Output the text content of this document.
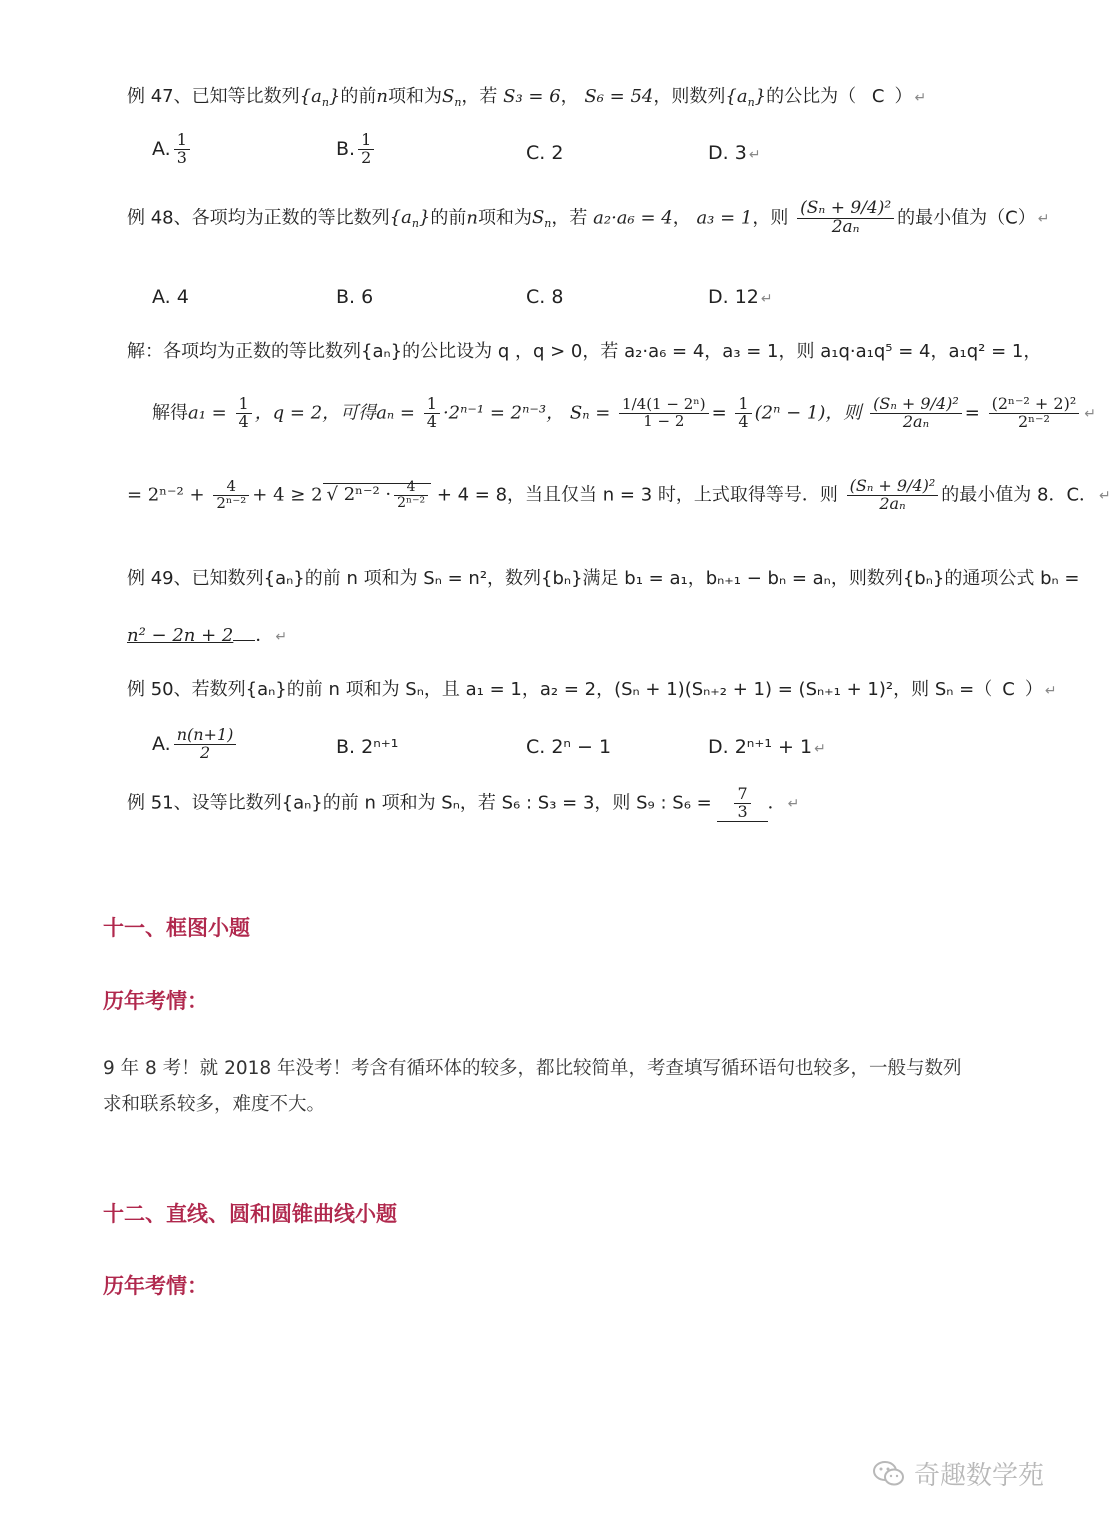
例 47、已知等比数列$\{a_n\}$的前n项和为$S_n$，若 S₃ = 6， S₆ = 54，则数列$\{a_n\}$的公比为（ C ） ↵
A. $\frac{1}{3}$	B. $\frac{1}{2}$	C. 2	D. 3 ↵
例 48、各项均为正数的等比数列$\{a_n\}$的前n项和为$S_n$，若 a₂·a₆ = 4， a₃ = 1，则 $\frac{\text{(Sₙ + 9/4)²}}{\text{2aₙ}}$ 的最小值为（C） ↵
A. 4	B. 6	C. 8	D. 12 ↵
解：各项均为正数的等比数列{aₙ}的公比设为 q ，q > 0，若 a₂·a₆ = 4，a₃ = 1，则 a₁q·a₁q⁵ = 4，a₁q² = 1，
解得$a_1 = \frac{1}{4}$ ，q = 2，可得$a_n = \frac{1}{4} \cdot 2^{n-1} = 2^{n-3}$， $S_n = \frac{\text{1/4(1 − 2ⁿ)}}{1 - 2} = \frac{1}{4} (2^n - 1)$，则 $\frac{\text{(Sₙ + 9/4)²}}{\text{2aₙ}} = \frac{\text{(2ⁿ⁻² + 2)²}}{\text{2ⁿ⁻²}}$ ↵
= $2^{n-2} + \frac{4}{\text{2ⁿ⁻²}} + 4 \ge 2$ √ $2^{n-2} \cdot \frac{4}{\text{2ⁿ⁻²}} + 4 = 8$，当且仅当 n = 3 时，上式取得等号．则 $\frac{\text{(Sₙ + 9/4)²}}{\text{2aₙ}}$ 的最小值为 8．C． ↵
例 49、已知数列{aₙ}的前 n 项和为 Sₙ = n²，数列{bₙ}满足 b₁ = a₁，bₙ₊₁ − bₙ = aₙ，则数列{bₙ}的通项公式 bₙ =
n² − 2n + 2 ． ↵
例 50、若数列{aₙ}的前 n 项和为 Sₙ，且 a₁ = 1，a₂ = 2，(Sₙ + 1)(Sₙ₊₂ + 1) = (Sₙ₊₁ + 1)²，则 Sₙ =（ C ） ↵
A. $\frac{n(n+1)}{2}$	B. 2ⁿ⁺¹	C. 2ⁿ − 1	D. 2ⁿ⁺¹ + 1 ↵
例 51、设等比数列{aₙ}的前 n 项和为 Sₙ，若 S₆ : S₃ = 3，则 S₉ : $S_6 = \frac{7}{3}$ ． ↵
十一、框图小题
历年考情：
9 年 8 考！就 2018 年没考！考含有循环体的较多，都比较简单，考查填写循环语句也较多，一般与数列求和联系较多，难度不大。
十二、直线、圆和圆锥曲线小题
历年考情：
奇趣数学苑
